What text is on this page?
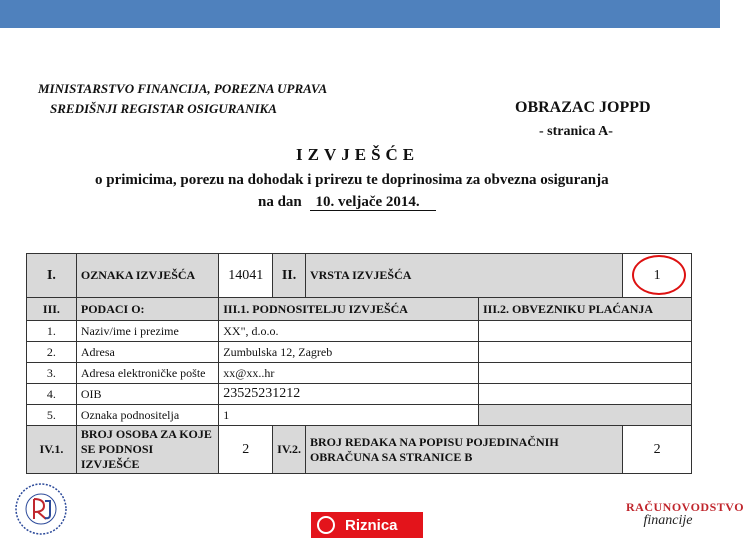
MINISTARSTVO FINANCIJA, POREZNA UPRAVA
SREDIŠNJI REGISTAR OSIGURANIKA	OBRAZAC JOPPD
- stranica A-
IZVJEŠĆE
o primicima, porezu na dohodak i prirezu te doprinosima za obvezna osiguranja
na dan 10. veljače 2014.
I.	OZNAKA IZVJEŠĆA	14041	II.	VRSTA IZVJEŠĆA		1
III.	PODACI O:	III.1. PODNOSITELJU IZVJEŠĆA			III.2. OBVEZNIKU PLAĆANJA	
1.	Naziv/ime i prezime	XX", d.o.o.				
2.	Adresa	Zumbulska 12, Zagreb				
3.	Adresa elektroničke pošte	xx@xx..hr				
4.	OIB	23525231212				
5.	Oznaka podnositelja	1				
IV.1.	BROJ OSOBA ZA KOJE SE PODNOSI IZVJEŠĆE	2	IV.2.	BROJ REDAKA NA POPISU POJEDINAČNIH OBRAČUNA SA STRANICE B		2
Riznica
RAČUNOVODSTVO
financije
